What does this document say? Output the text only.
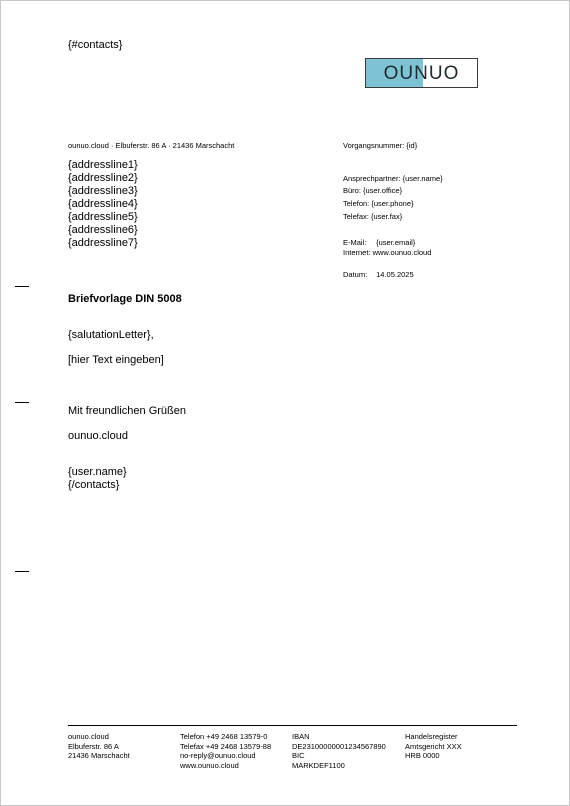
{#contacts}
OUNUO
ounuo.cloud · Elbuferstr. 86 A · 21436 Marschacht
{addressline1}
{addressline2}
{addressline3}
{addressline4}
{addressline5}
{addressline6}
{addressline7}
Vorgangsnummer: {id}
Ansprechpartner: {user.name}
Büro: {user.office}
Telefon: {user.phone}
Telefax: {user.fax}
E-Mail: {user.email}
Internet: www.ounuo.cloud
Datum: 14.05.2025
Briefvorlage DIN 5008
{salutationLetter},
[hier Text eingeben]
Mit freundlichen Grüßen
ounuo.cloud
{user.name}
{/contacts}
ounuo.cloud
Elbuferstr. 86 A
21436 Marschacht
Telefon +49 2468 13579-0
Telefax +49 2468 13579-88
no-reply@ounuo.cloud
www.ounuo.cloud
IBAN
DE23100000001234567890
BIC
MARKDEF1100
Handelsregister
Amtsgericht XXX
HRB 0000
